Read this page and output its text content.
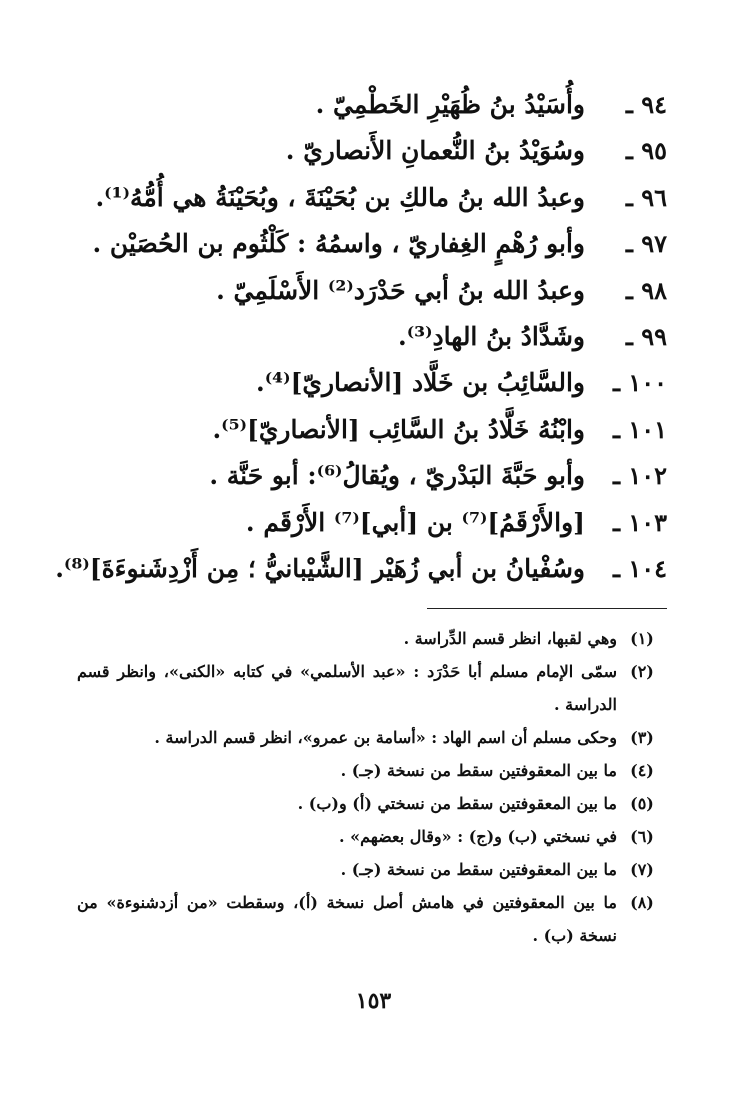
٩٤ ـ
وأُسَيْدُ بنُ ظُهَيْرِ الخَطْمِيّ .
٩٥ ـ
وسُوَيْدُ بنُ النُّعمانِ الأَنصاريّ .
٩٦ ـ
وعبدُ الله بنُ مالكِ بن بُحَيْنَةَ ، وبُحَيْنَةُ هي أُمُّهُ⁽¹⁾.
٩٧ ـ
وأبو رُهْمٍ الغِفاريّ ، واسمُهُ : كَلْثُوم بن الحُصَيْن .
٩٨ ـ
وعبدُ الله بنُ أبي حَدْرَد⁽²⁾ الأَسْلَمِيّ .
٩٩ ـ
وشَدَّادُ بنُ الهادِ⁽³⁾.
١٠٠ ـ
والسَّائِبُ بن خَلَّاد [الأنصاريّ]⁽⁴⁾.
١٠١ ـ
وابْنُهُ خَلَّادُ بنُ السَّائِب [الأنصاريّ]⁽⁵⁾.
١٠٢ ـ
وأبو حَبَّةَ البَدْريّ ، ويُقالُ⁽⁶⁾: أبو حَنَّة .
١٠٣ ـ
[والأَرْقَمُ]⁽⁷⁾ بن [أبي]⁽⁷⁾ الأَرْقَم .
١٠٤ ـ
وسُفْيانُ بن أبي زُهَيْر [الشَّيْبانيُّ ؛ مِن أَزْدِشَنوءَةَ]⁽⁸⁾.
(١)
وهي لقبها، انظر قسم الدِّراسة .
(٢)
سمّى الإمام مسلم أبا حَدْرَد : «عبد الأسلمي» في كتابه «الكنى»، وانظر قسم الدراسة .
(٣)
وحكى مسلم أن اسم الهاد : «أسامة بن عمرو»، انظر قسم الدراسة .
(٤)
ما بين المعقوفتين سقط من نسخة (جـ) .
(٥)
ما بين المعقوفتين سقط من نسختي (أ) و(ب) .
(٦)
في نسختي (ب) و(ج) : «وقال بعضهم» .
(٧)
ما بين المعقوفتين سقط من نسخة (جـ) .
(٨)
ما بين المعقوفتين في هامش أصل نسخة (أ)، وسقطت «من أزدشنوءة» من نسخة (ب) .
١٥٣
